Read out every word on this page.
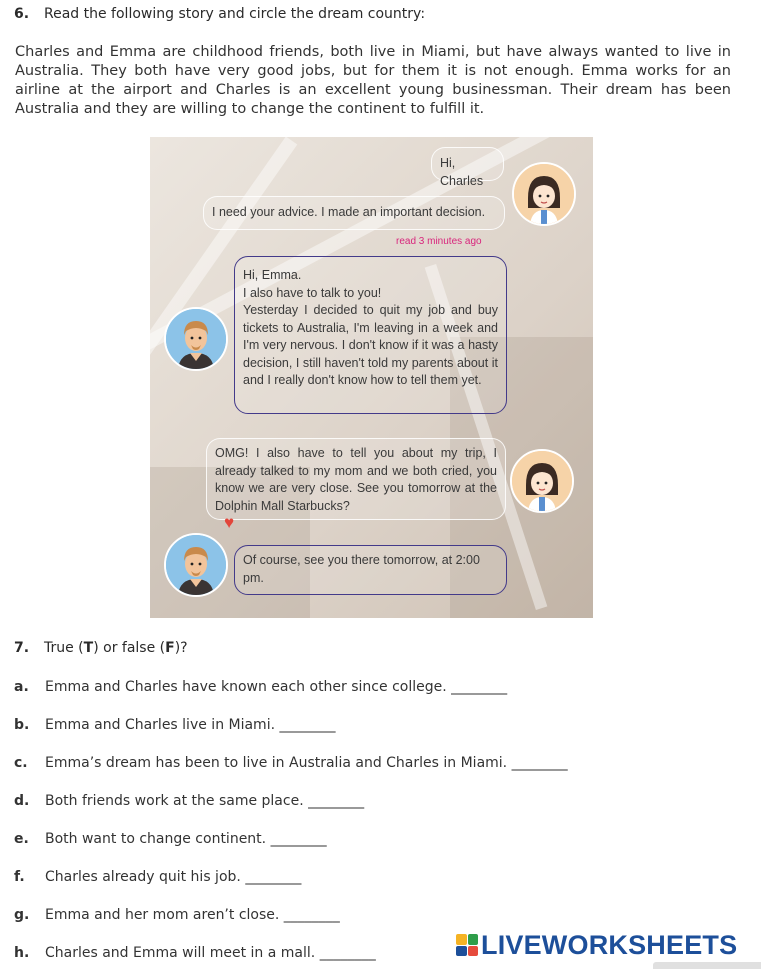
6. Read the following story and circle the dream country:
Charles and Emma are childhood friends, both live in Miami, but have always wanted to live in Australia. They both have very good jobs, but for them it is not enough. Emma works for an airline at the airport and Charles is an excellent young businessman. Their dream has been Australia and they are willing to change the continent to fulfill it.
Hi, Charles
I need your advice. I made an important decision.
read 3 minutes ago
Hi, Emma.
I also have to talk to you!
Yesterday I decided to quit my job and buy tickets to Australia, I'm leaving in a week and I'm very nervous. I don't know if it was a hasty decision, I still haven't told my parents about it and I really don't know how to tell them yet.
OMG! I also have to tell you about my trip, I already talked to my mom and we both cried, you know we are very close. See you tomorrow at the Dolphin Mall Starbucks?
♥
Of course, see you there tomorrow, at 2:00 pm.
7. True (T) or false (F)?
a. Emma and Charles have known each other since college. ________
b. Emma and Charles live in Miami. ________
c. Emma’s dream has been to live in Australia and Charles in Miami. ________
d. Both friends work at the same place. ________
e. Both want to change continent. ________
f. Charles already quit his job. ________
g. Emma and her mom aren’t close. ________
h. Charles and Emma will meet in a mall. ________	LIVEWORKSHEETS
